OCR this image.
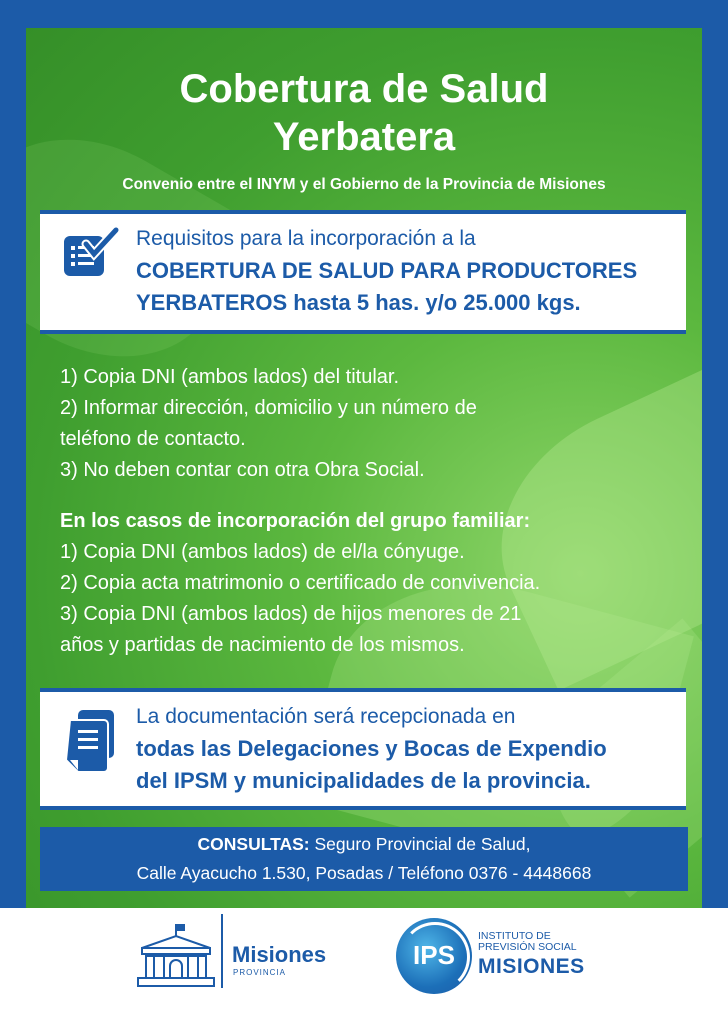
Cobertura de Salud
Yerbatera
Convenio entre el INYM y el Gobierno de la Provincia de Misiones
Requisitos para la incorporación a la
COBERTURA DE SALUD PARA PRODUCTORES
YERBATEROS hasta 5 has. y/o 25.000 kgs.
1) Copia DNI (ambos lados) del titular.
2) Informar dirección, domicilio y un número de
teléfono de contacto.
3) No deben contar con otra Obra Social.
En los casos de incorporación del grupo familiar:
1) Copia DNI (ambos lados) de el/la cónyuge.
2) Copia acta matrimonio o certificado de convivencia.
3) Copia DNI (ambos lados) de hijos menores de 21
años y partidas de nacimiento de los mismos.
La documentación será recepcionada en
todas las Delegaciones y Bocas de Expendio
del IPSM y municipalidades de la provincia.
CONSULTAS: Seguro Provincial de Salud,
Calle Ayacucho 1.530, Posadas / Teléfono 0376 - 4448668
Misiones
PROVINCIA
IPS
INSTITUTO DE
PREVISIÓN SOCIAL
MISIONES
